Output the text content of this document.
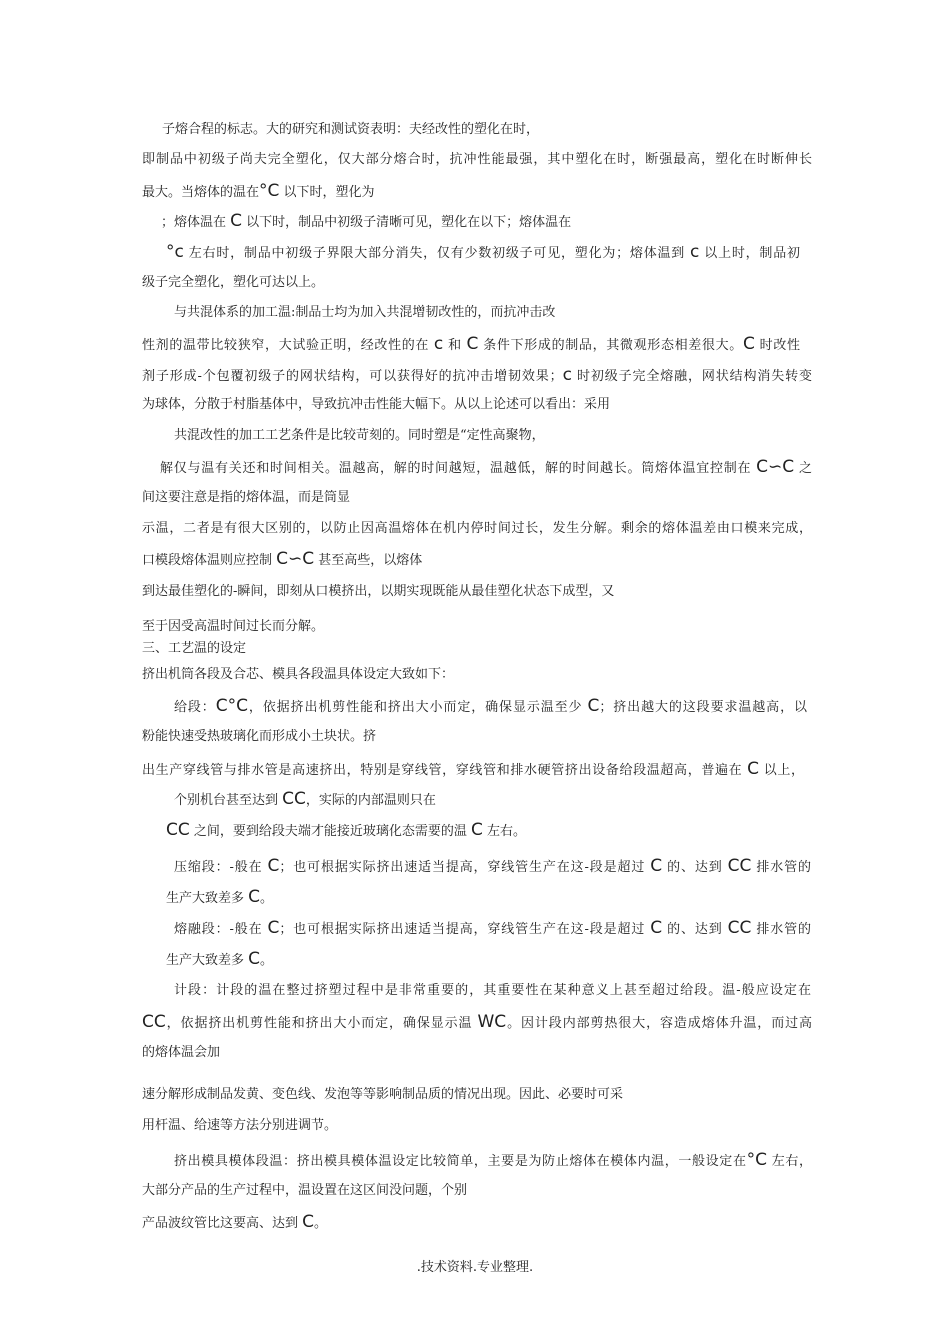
子熔合程的标志。大的研究和测试资表明：夫经改性的塑化在时，
即制品中初级子尚夫完全塑化，仅大部分熔合时，抗冲性能最强，其中塑化在时，断强最高，塑化在时断伸长
最大。当熔体的温在°C 以下时，塑化为
；熔体温在 C 以下时，制品中初级子清晰可见，塑化在以下；熔体温在
°c 左右时，制品中初级子界限大部分消失，仅有少数初级子可见，塑化为；熔体温到 c 以上时，制品初
级子完全塑化，塑化可达以上。
与共混体系的加工温:制品士均为加入共混增韧改性的，而抗冲击改
性剂的温带比较狭窄，大试验正明，经改性的在 c 和 C 条件下形成的制品，其微观形态相差很大。C 时改性
剂子形成-个包覆初级子的网状结构，可以获得好的抗冲击增韧效果；c 时初级子完全熔融，网状结构消失转变
为球体，分散于村脂基体中，导致抗冲击性能大幅下。从以上论述可以看出：采用
共混改性的加工工艺条件是比较苛刻的。同时塑是“定性高聚物，
解仅与温有关还和时间相关。温越高，解的时间越短，温越低，解的时间越长。筒熔体温宜控制在 C∽C 之
间这要注意是指的熔体温，而是筒显
示温，二者是有很大区别的，以防止因高温熔体在机内停时间过长，发生分解。剩余的熔体温差由口模来完成，
口模段熔体温则应控制 C∽C 甚至高些，以熔体
到达最佳塑化的-瞬间，即刻从口模挤出，以期实现既能从最佳塑化状态下成型，又
至于因受高温时间过长而分解。
三、工艺温的设定
挤出机筒各段及合芯、模具各段温具体设定大致如下：
给段：C°C，依据挤出机剪性能和挤出大小而定，确保显示温至少 C；挤出越大的这段要求温越高，以
粉能快速受热玻璃化而形成小土块状。挤
出生产穿线管与排水管是高速挤出，特别是穿线管，穿线管和排水硬管挤出设备给段温超高，普遍在 C 以上，
个别机台甚至达到 CC，实际的内部温则只在
CC 之间，要到给段夫端才能接近玻璃化态需要的温 C 左右。
压缩段：-般在 C；也可根据实际挤出速适当提高，穿线管生产在这-段是超过 C 的、达到 CC 排水管的
生产大致差多 C。
熔融段：-般在 C；也可根据实际挤出速适当提高，穿线管生产在这-段是超过 C 的、达到 CC 排水管的
生产大致差多 C。
计段：计段的温在整过挤塑过程中是非常重要的，其重要性在某种意义上甚至超过给段。温-般应设定在
CC，依据挤出机剪性能和挤出大小而定，确保显示温 WC。因计段内部剪热很大，容造成熔体升温，而过高
的熔体温会加
速分解形成制品发黄、变色线、发泡等等影响制品质的情况出现。因此、必要时可采
用杆温、给速等方法分别进调节。
挤出模具模体段温：挤出模具模体温设定比较简单，主要是为防止熔体在模体内温，一般设定在°C 左右，
大部分产品的生产过程中，温设置在这区间没问题，个别
产品波纹管比这要高、达到 C。
.技术资料.专业整理.
